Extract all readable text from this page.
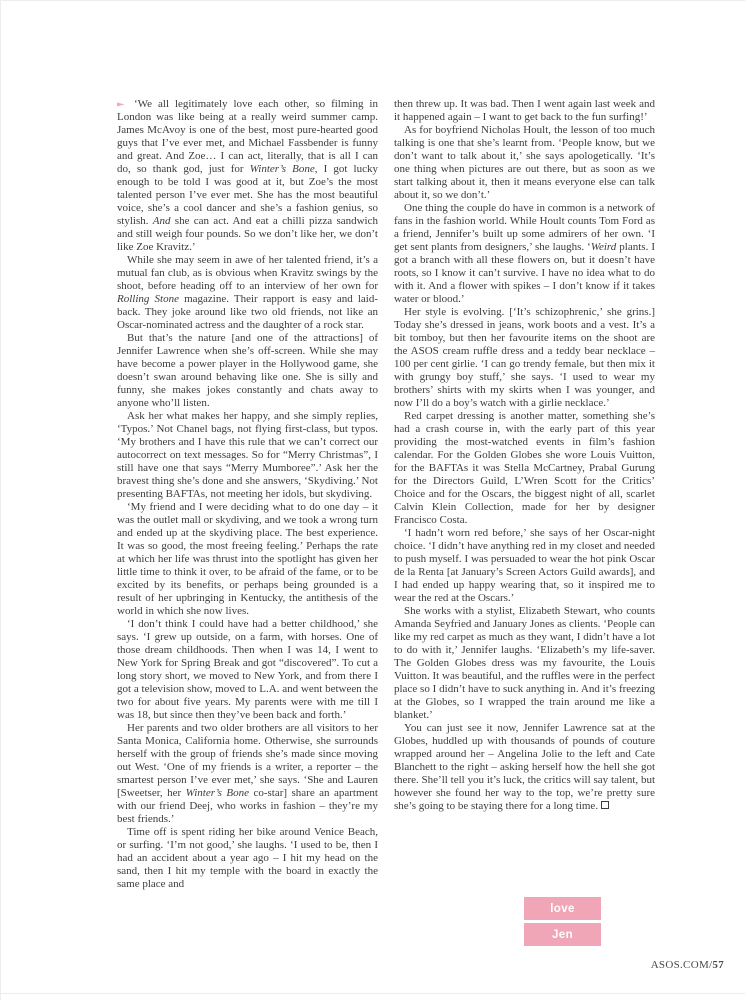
► ‘We all legitimately love each other, so filming in London was like being at a really weird summer camp. James McAvoy is one of the best, most pure-hearted good guys that I’ve ever met, and Michael Fassbender is funny and great. And Zoe… I can act, literally, that is all I can do, so thank god, just for Winter’s Bone, I got lucky enough to be told I was good at it, but Zoe’s the most talented person I’ve ever met. She has the most beautiful voice, she’s a cool dancer and she’s a fashion genius, so stylish. And she can act. And eat a chilli pizza sandwich and still weigh four pounds. So we don’t like her, we don’t like Zoe Kravitz.’

While she may seem in awe of her talented friend, it’s a mutual fan club, as is obvious when Kravitz swings by the shoot, before heading off to an interview of her own for Rolling Stone magazine. Their rapport is easy and laid-back. They joke around like two old friends, not like an Oscar-nominated actress and the daughter of a rock star.

But that’s the nature [and one of the attractions] of Jennifer Lawrence when she’s off-screen. While she may have become a power player in the Hollywood game, she doesn’t swan around behaving like one. She is silly and funny, she makes jokes constantly and chats away to anyone who’ll listen.

Ask her what makes her happy, and she simply replies, ‘Typos.’ Not Chanel bags, not flying first-class, but typos. ‘My brothers and I have this rule that we can’t correct our autocorrect on text messages. So for “Merry Christmas”, I still have one that says “Merry Mumboree”.’ Ask her the bravest thing she’s done and she answers, ‘Skydiving.’ Not presenting BAFTAs, not meeting her idols, but skydiving.

‘My friend and I were deciding what to do one day – it was the outlet mall or skydiving, and we took a wrong turn and ended up at the skydiving place. The best experience. It was so good, the most freeing feeling.’ Perhaps the rate at which her life was thrust into the spotlight has given her little time to think it over, to be afraid of the fame, or to be excited by its benefits, or perhaps being grounded is a result of her upbringing in Kentucky, the antithesis of the world in which she now lives.

‘I don’t think I could have had a better childhood,’ she says. ‘I grew up outside, on a farm, with horses. One of those dream childhoods. Then when I was 14, I went to New York for Spring Break and got “discovered”. To cut a long story short, we moved to New York, and from there I got a television show, moved to L.A. and went between the two for about five years. My parents were with me till I was 18, but since then they’ve been back and forth.’

Her parents and two older brothers are all visitors to her Santa Monica, California home. Otherwise, she surrounds herself with the group of friends she’s made since moving out West. ‘One of my friends is a writer, a reporter – the smartest person I’ve ever met,’ she says. ‘She and Lauren [Sweetser, her Winter’s Bone co-star] share an apartment with our friend Deej, who works in fashion – they’re my best friends.’

Time off is spent riding her bike around Venice Beach, or surfing. ‘I’m not good,’ she laughs. ‘I used to be, then I had an accident about a year ago – I hit my head on the sand, then I hit my temple with the board in exactly the same place and

then threw up. It was bad. Then I went again last week and it happened again – I want to get back to the fun surfing!’

As for boyfriend Nicholas Hoult, the lesson of too much talking is one that she’s learnt from. ‘People know, but we don’t want to talk about it,’ she says apologetically. ‘It’s one thing when pictures are out there, but as soon as we start talking about it, then it means everyone else can talk about it, so we don’t.’

One thing the couple do have in common is a network of fans in the fashion world. While Hoult counts Tom Ford as a friend, Jennifer’s built up some admirers of her own. ‘I get sent plants from designers,’ she laughs. ‘Weird plants. I got a branch with all these flowers on, but it doesn’t have roots, so I know it can’t survive. I have no idea what to do with it. And a flower with spikes – I don’t know if it takes water or blood.’

Her style is evolving. [‘It’s schizophrenic,’ she grins.] Today she’s dressed in jeans, work boots and a vest. It’s a bit tomboy, but then her favourite items on the shoot are the ASOS cream ruffle dress and a teddy bear necklace – 100 per cent girlie. ‘I can go trendy female, but then mix it with grungy boy stuff,’ she says. ‘I used to wear my brothers’ shirts with my skirts when I was younger, and now I’ll do a boy’s watch with a girlie necklace.’

Red carpet dressing is another matter, something she’s had a crash course in, with the early part of this year providing the most-watched events in film’s fashion calendar. For the Golden Globes she wore Louis Vuitton, for the BAFTAs it was Stella McCartney, Prabal Gurung for the Directors Guild, L’Wren Scott for the Critics’ Choice and for the Oscars, the biggest night of all, scarlet Calvin Klein Collection, made for her by designer Francisco Costa.

‘I hadn’t worn red before,’ she says of her Oscar-night choice. ‘I didn’t have anything red in my closet and needed to push myself. I was persuaded to wear the hot pink Oscar de la Renta [at January’s Screen Actors Guild awards], and I had ended up happy wearing that, so it inspired me to wear the red at the Oscars.’

She works with a stylist, Elizabeth Stewart, who counts Amanda Seyfried and January Jones as clients. ‘People can like my red carpet as much as they want, I didn’t have a lot to do with it,’ Jennifer laughs. ‘Elizabeth’s my life-saver. The Golden Globes dress was my favourite, the Louis Vuitton. It was beautiful, and the ruffles were in the perfect place so I didn’t have to suck anything in. And it’s freezing at the Globes, so I wrapped the train around me like a blanket.’

You can just see it now, Jennifer Lawrence sat at the Globes, huddled up with thousands of pounds of couture wrapped around her – Angelina Jolie to the left and Cate Blanchett to the right – asking herself how the hell she got there. She’ll tell you it’s luck, the critics will say talent, but however she found her way to the top, we’re pretty sure she’s going to be staying there for a long time.

love
Jen
ASOS.COM/57
